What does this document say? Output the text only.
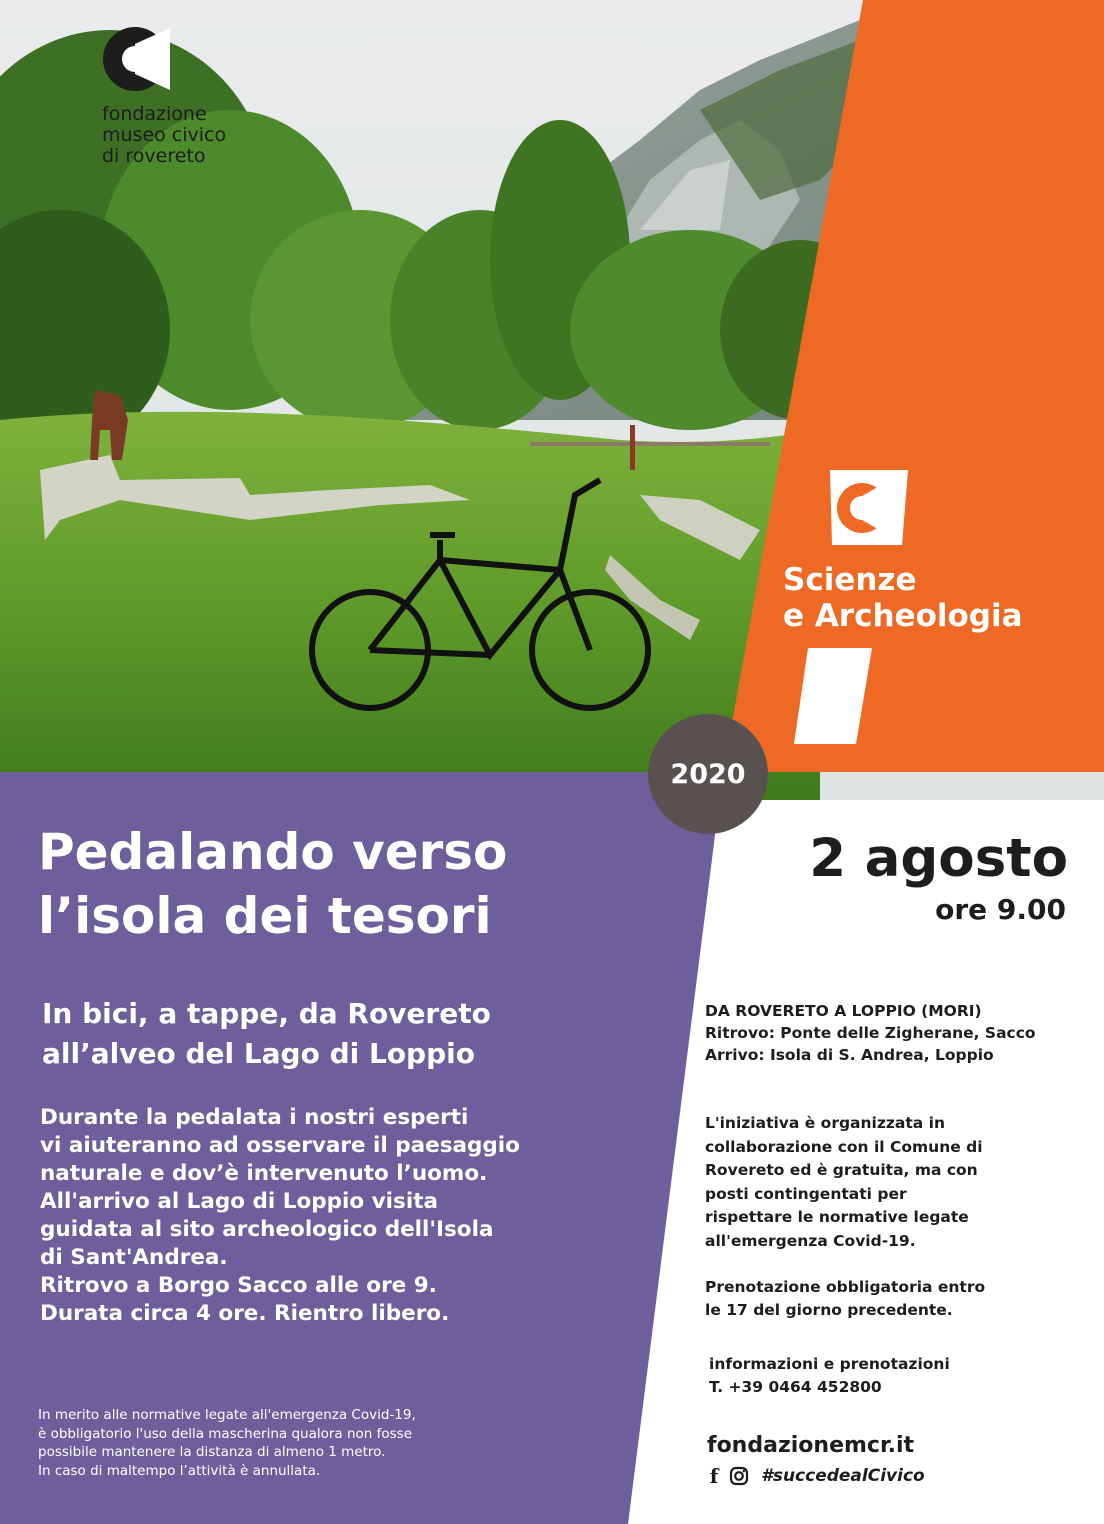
fondazione
museo civico
di rovereto
Scienze
e Archeologia
2020
Pedalando verso
l’isola dei tesori
In bici, a tappe, da Rovereto
all’alveo del Lago di Loppio
Durante la pedalata i nostri esperti
vi aiuteranno ad osservare il paesaggio
naturale e dov’è intervenuto l’uomo.
All'arrivo al Lago di Loppio visita
guidata al sito archeologico dell'Isola
di Sant'Andrea.
Ritrovo a Borgo Sacco alle ore 9.
Durata circa 4 ore. Rientro libero.
In merito alle normative legate all'emergenza Covid-19,
è obbligatorio l'uso della mascherina qualora non fosse
possibile mantenere la distanza di almeno 1 metro.
In caso di maltempo l’attività è annullata.
2 agosto
ore 9.00
DA ROVERETO A LOPPIO (MORI)
Ritrovo: Ponte delle Zigherane, Sacco
Arrivo: Isola di S. Andrea, Loppio
L'iniziativa è organizzata in
collaborazione con il Comune di
Rovereto ed è gratuita, ma con
posti contingentati per
rispettare le normative legate
all'emergenza Covid-19.
Prenotazione obbligatoria entro
le 17 del giorno precedente.
informazioni e prenotazioni
T. +39 0464 452800
fondazionemcr.it
f	#succedealCivico
